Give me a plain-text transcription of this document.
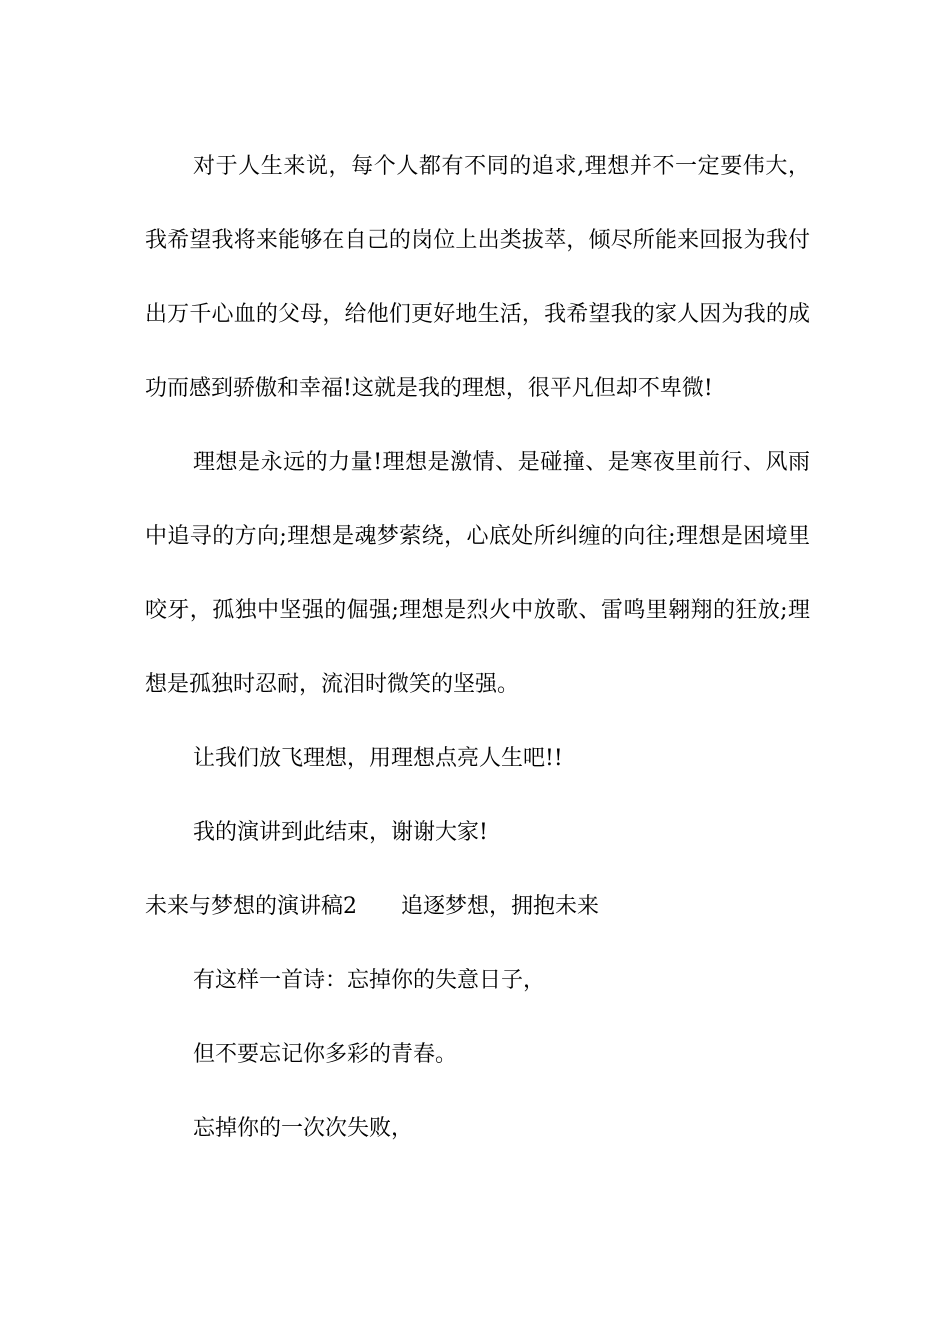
对于人生来说，每个人都有不同的追求,理想并不一定要伟大，我希望我将来能够在自己的岗位上出类拔萃，倾尽所能来回报为我付出万千心血的父母，给他们更好地生活，我希望我的家人因为我的成功而感到骄傲和幸福!这就是我的理想，很平凡但却不卑微!

理想是永远的力量!理想是激情、是碰撞、是寒夜里前行、风雨中追寻的方向;理想是魂梦萦绕，心底处所纠缠的向往;理想是困境里咬牙，孤独中坚强的倔强;理想是烈火中放歌、雷鸣里翱翔的狂放;理想是孤独时忍耐，流泪时微笑的坚强。

让我们放飞理想，用理想点亮人生吧!!

我的演讲到此结束，谢谢大家!

未来与梦想的演讲稿2 追逐梦想，拥抱未来

有这样一首诗：忘掉你的失意日子，

但不要忘记你多彩的青春。

忘掉你的一次次失败，
